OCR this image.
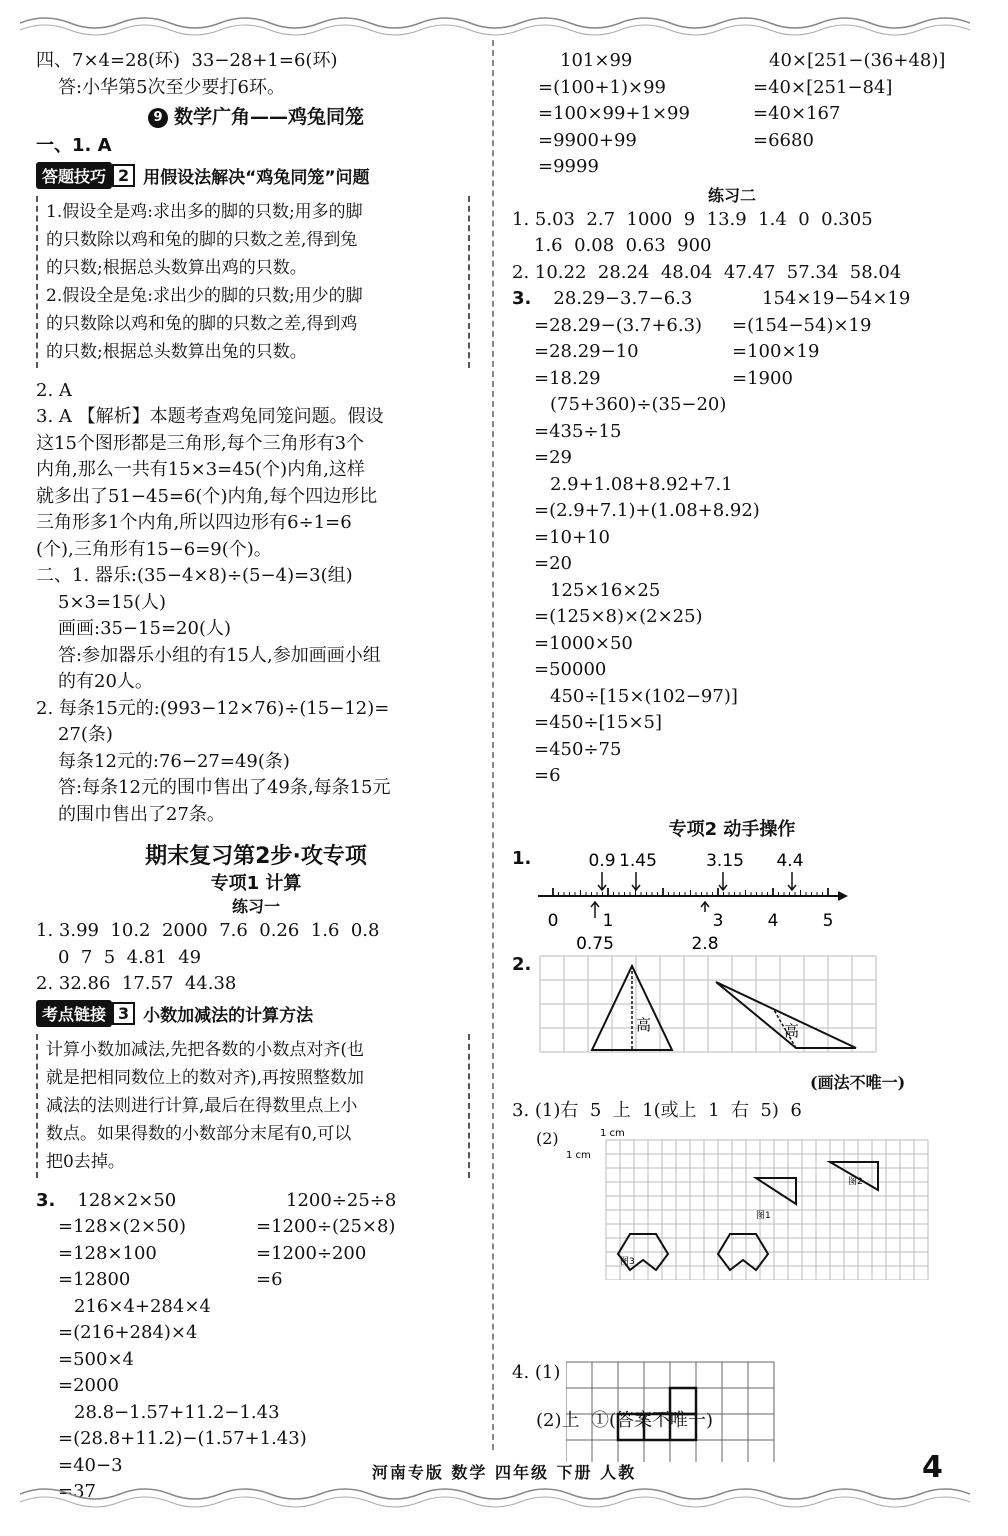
四、7×4=28(环)  33−28+1=6(环)
答:小华第5次至少要打6环。
9 数学广角——鸡兔同笼
一、1. A
答题技巧 2 用假设法解决“鸡兔同笼”问题
1.假设全是鸡:求出多的脚的只数;用多的脚
的只数除以鸡和兔的脚的只数之差,得到兔
的只数;根据总头数算出鸡的只数。
2.假设全是兔:求出少的脚的只数;用少的脚
的只数除以鸡和兔的脚的只数之差,得到鸡
的只数;根据总头数算出兔的只数。
2. A
3. A 【解析】本题考查鸡兔同笼问题。假设
这15个图形都是三角形,每个三角形有3个
内角,那么一共有15×3=45(个)内角,这样
就多出了51−45=6(个)内角,每个四边形比
三角形多1个内角,所以四边形有6÷1=6
(个),三角形有15−6=9(个)。
二、1. 器乐:(35−4×8)÷(5−4)=3(组)
5×3=15(人)
画画:35−15=20(人)
答:参加器乐小组的有15人,参加画画小组
的有20人。
2. 每条15元的:(993−12×76)÷(15−12)=
27(条)
每条12元的:76−27=49(条)
答:每条12元的围巾售出了49条,每条15元
的围巾售出了27条。
期末复习第2步·攻专项
专项1 计算
练习一
1. 3.99  10.2  2000  7.6  0.26  1.6  0.8
0  7  5  4.81  49
2. 32.86  17.57  44.38
考点链接 3 小数加减法的计算方法
计算小数加减法,先把各数的小数点对齐(也
就是把相同数位上的数对齐),再按照整数加
减法的法则进行计算,最后在得数里点上小
数点。如果得数的小数部分末尾有0,可以
把0去掉。
3. 128×2×50
=128×(2×50)
=128×100
=12800
1200÷25÷8
=1200÷(25×8)
=1200÷200
=6
216×4+284×4
=(216+284)×4
=500×4
=2000
28.8−1.57+11.2−1.43
=(28.8+11.2)−(1.57+1.43)
=40−3
=37
101×99
=(100+1)×99
=100×99+1×99
=9900+99
=9999
40×[251−(36+48)]
=40×[251−84]
=40×167
=6680
练习二
1. 5.03  2.7  1000  9  13.9  1.4  0  0.305
1.6  0.08  0.63  900
2. 10.22  28.24  48.04  47.47  57.34  58.04
3. 28.29−3.7−6.3
=28.29−(3.7+6.3)
=28.29−10
=18.29
154×19−54×19
=(154−54)×19
=100×19
=1900
(75+360)÷(35−20)
=435÷15
=29
2.9+1.08+8.92+7.1
=(2.9+7.1)+(1.08+8.92)
=10+10
=20
125×16×25
=(125×8)×(2×25)
=1000×50
=50000
450÷[15×(102−97)]
=450÷[15×5]
=450÷75
=6
专项2 动手操作
1.	0.9 1.45	3.15 4.4
0	1	2	3	4	5
0.75	2.8
2.
高	高
(画法不唯一)
3. (1)右  5  上  1(或上  1  右  5)  6
(2)	1 cm
1 cm
图1
图2
图3
4. (1)
(2)上  ①(答案不唯一)
河南专版 数学 四年级 下册 人教	4
